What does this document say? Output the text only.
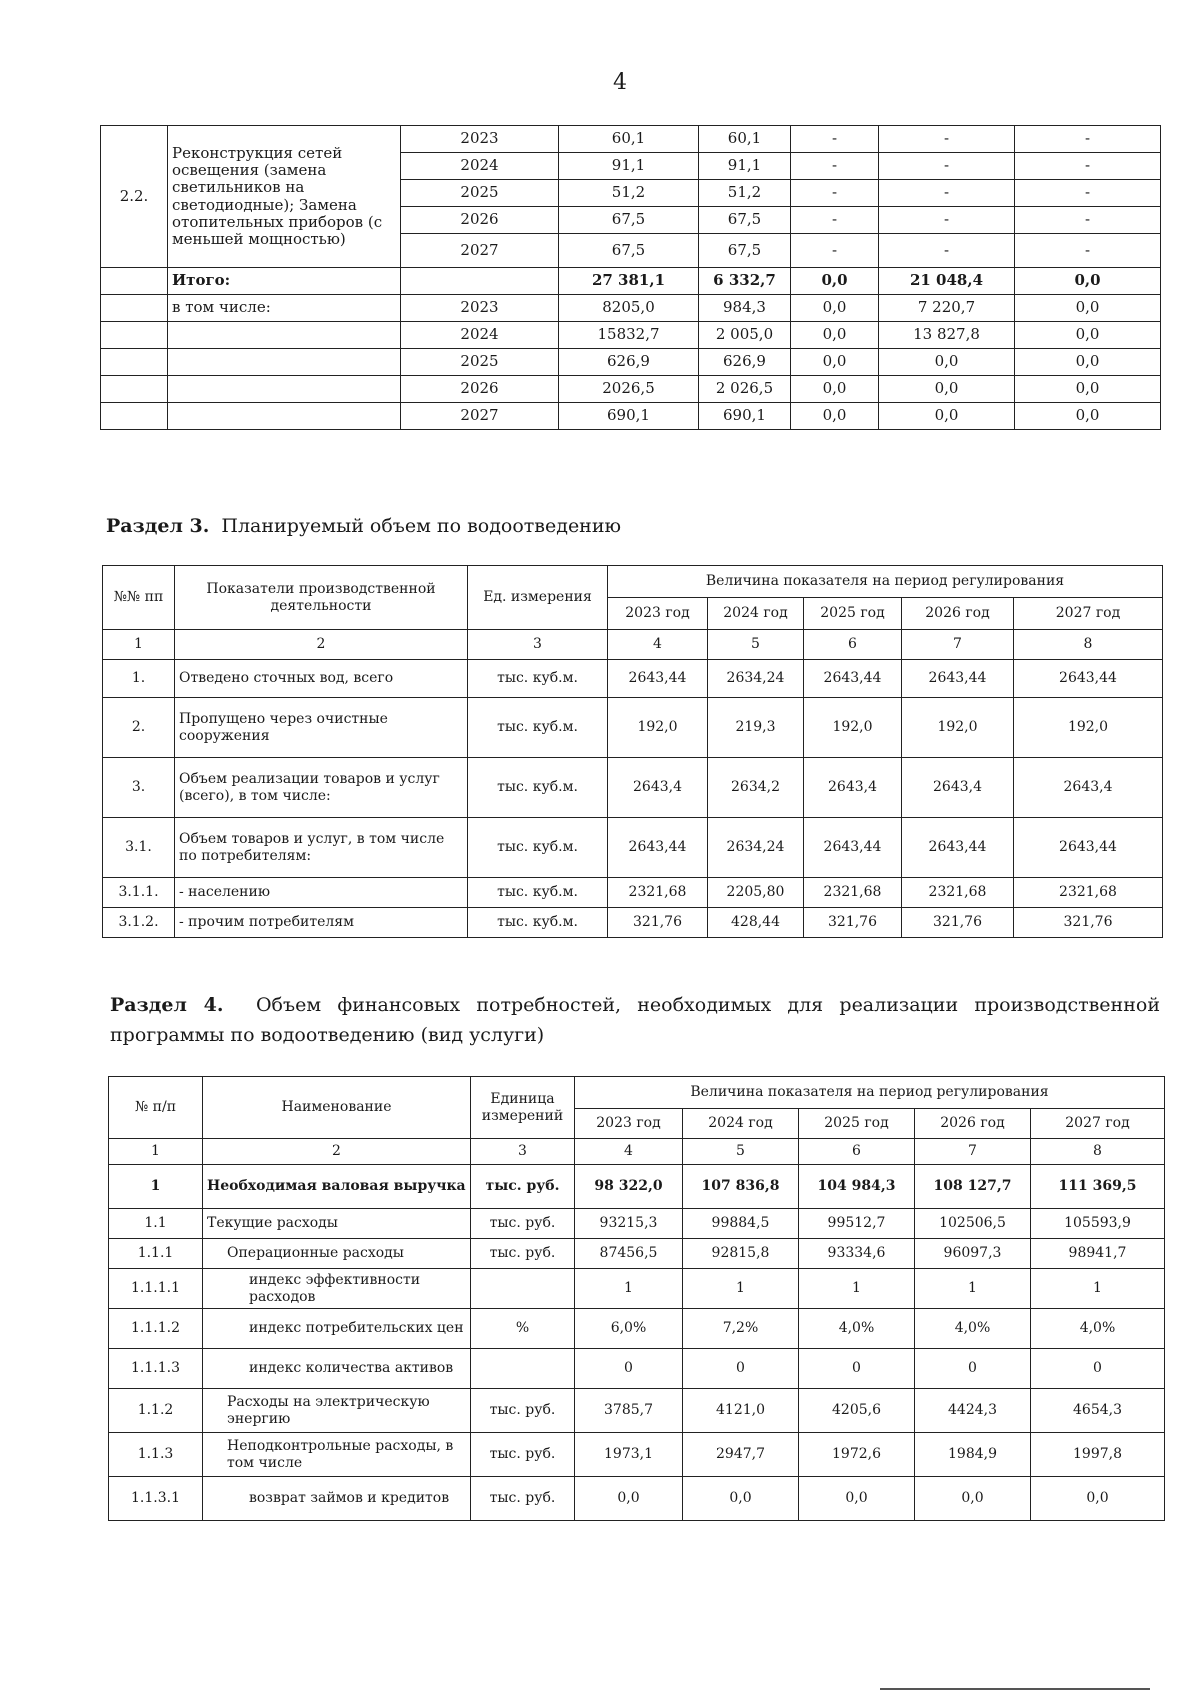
4
2.2.	Реконструкция сетей освещения (замена светильников на светодиодные); Замена отопительных приборов (с меньшей мощностью)	2023	60,1	60,1	-	-	-
		2024	91,1	91,1	-	-	-
		2025	51,2	51,2	-	-	-
		2026	67,5	67,5	-	-	-
		2027	67,5	67,5	-	-	-
	Итого:		27 381,1	6 332,7	0,0	21 048,4	0,0
	в том числе:	2023	8205,0	984,3	0,0	7 220,7	0,0
		2024	15832,7	2 005,0	0,0	13 827,8	0,0
		2025	626,9	626,9	0,0	0,0	0,0
		2026	2026,5	2 026,5	0,0	0,0	0,0
		2027	690,1	690,1	0,0	0,0	0,0
Раздел 3. Планируемый объем по водоотведению
№№ пп	Показатели производственной деятельности	Ед. измерения	Величина показателя на период регулирования				
			2023 год	2024 год	2025 год	2026 год	2027 год
1	2	3	4	5	6	7	8
1.	Отведено сточных вод, всего	тыс. куб.м.	2643,44	2634,24	2643,44	2643,44	2643,44
2.	Пропущено через очистные сооружения	тыс. куб.м.	192,0	219,3	192,0	192,0	192,0
3.	Объем реализации товаров и услуг (всего), в том числе:	тыс. куб.м.	2643,4	2634,2	2643,4	2643,4	2643,4
3.1.	Объем товаров и услуг, в том числе по потребителям:	тыс. куб.м.	2643,44	2634,24	2643,44	2643,44	2643,44
3.1.1.	- населению	тыс. куб.м.	2321,68	2205,80	2321,68	2321,68	2321,68
3.1.2.	- прочим потребителям	тыс. куб.м.	321,76	428,44	321,76	321,76	321,76
Раздел 4. Объем финансовых потребностей, необходимых для реализации производственной программы по водоотведению (вид услуги)
№ п/п	Наименование	Единица измерений	Величина показателя на период регулирования				
			2023 год	2024 год	2025 год	2026 год	2027 год
1	2	3	4	5	6	7	8
1	Необходимая валовая выручка	тыс. руб.	98 322,0	107 836,8	104 984,3	108 127,7	111 369,5
1.1	Текущие расходы	тыс. руб.	93215,3	99884,5	99512,7	102506,5	105593,9
1.1.1	Операционные расходы	тыс. руб.	87456,5	92815,8	93334,6	96097,3	98941,7
1.1.1.1	индекс эффективности расходов		1	1	1	1	1
1.1.1.2	индекс потребительских цен	%	6,0%	7,2%	4,0%	4,0%	4,0%
1.1.1.3	индекс количества активов		0	0	0	0	0
1.1.2	Расходы на электрическую энергию	тыс. руб.	3785,7	4121,0	4205,6	4424,3	4654,3
1.1.3	Неподконтрольные расходы, в том числе	тыс. руб.	1973,1	2947,7	1972,6	1984,9	1997,8
1.1.3.1	возврат займов и кредитов	тыс. руб.	0,0	0,0	0,0	0,0	0,0
